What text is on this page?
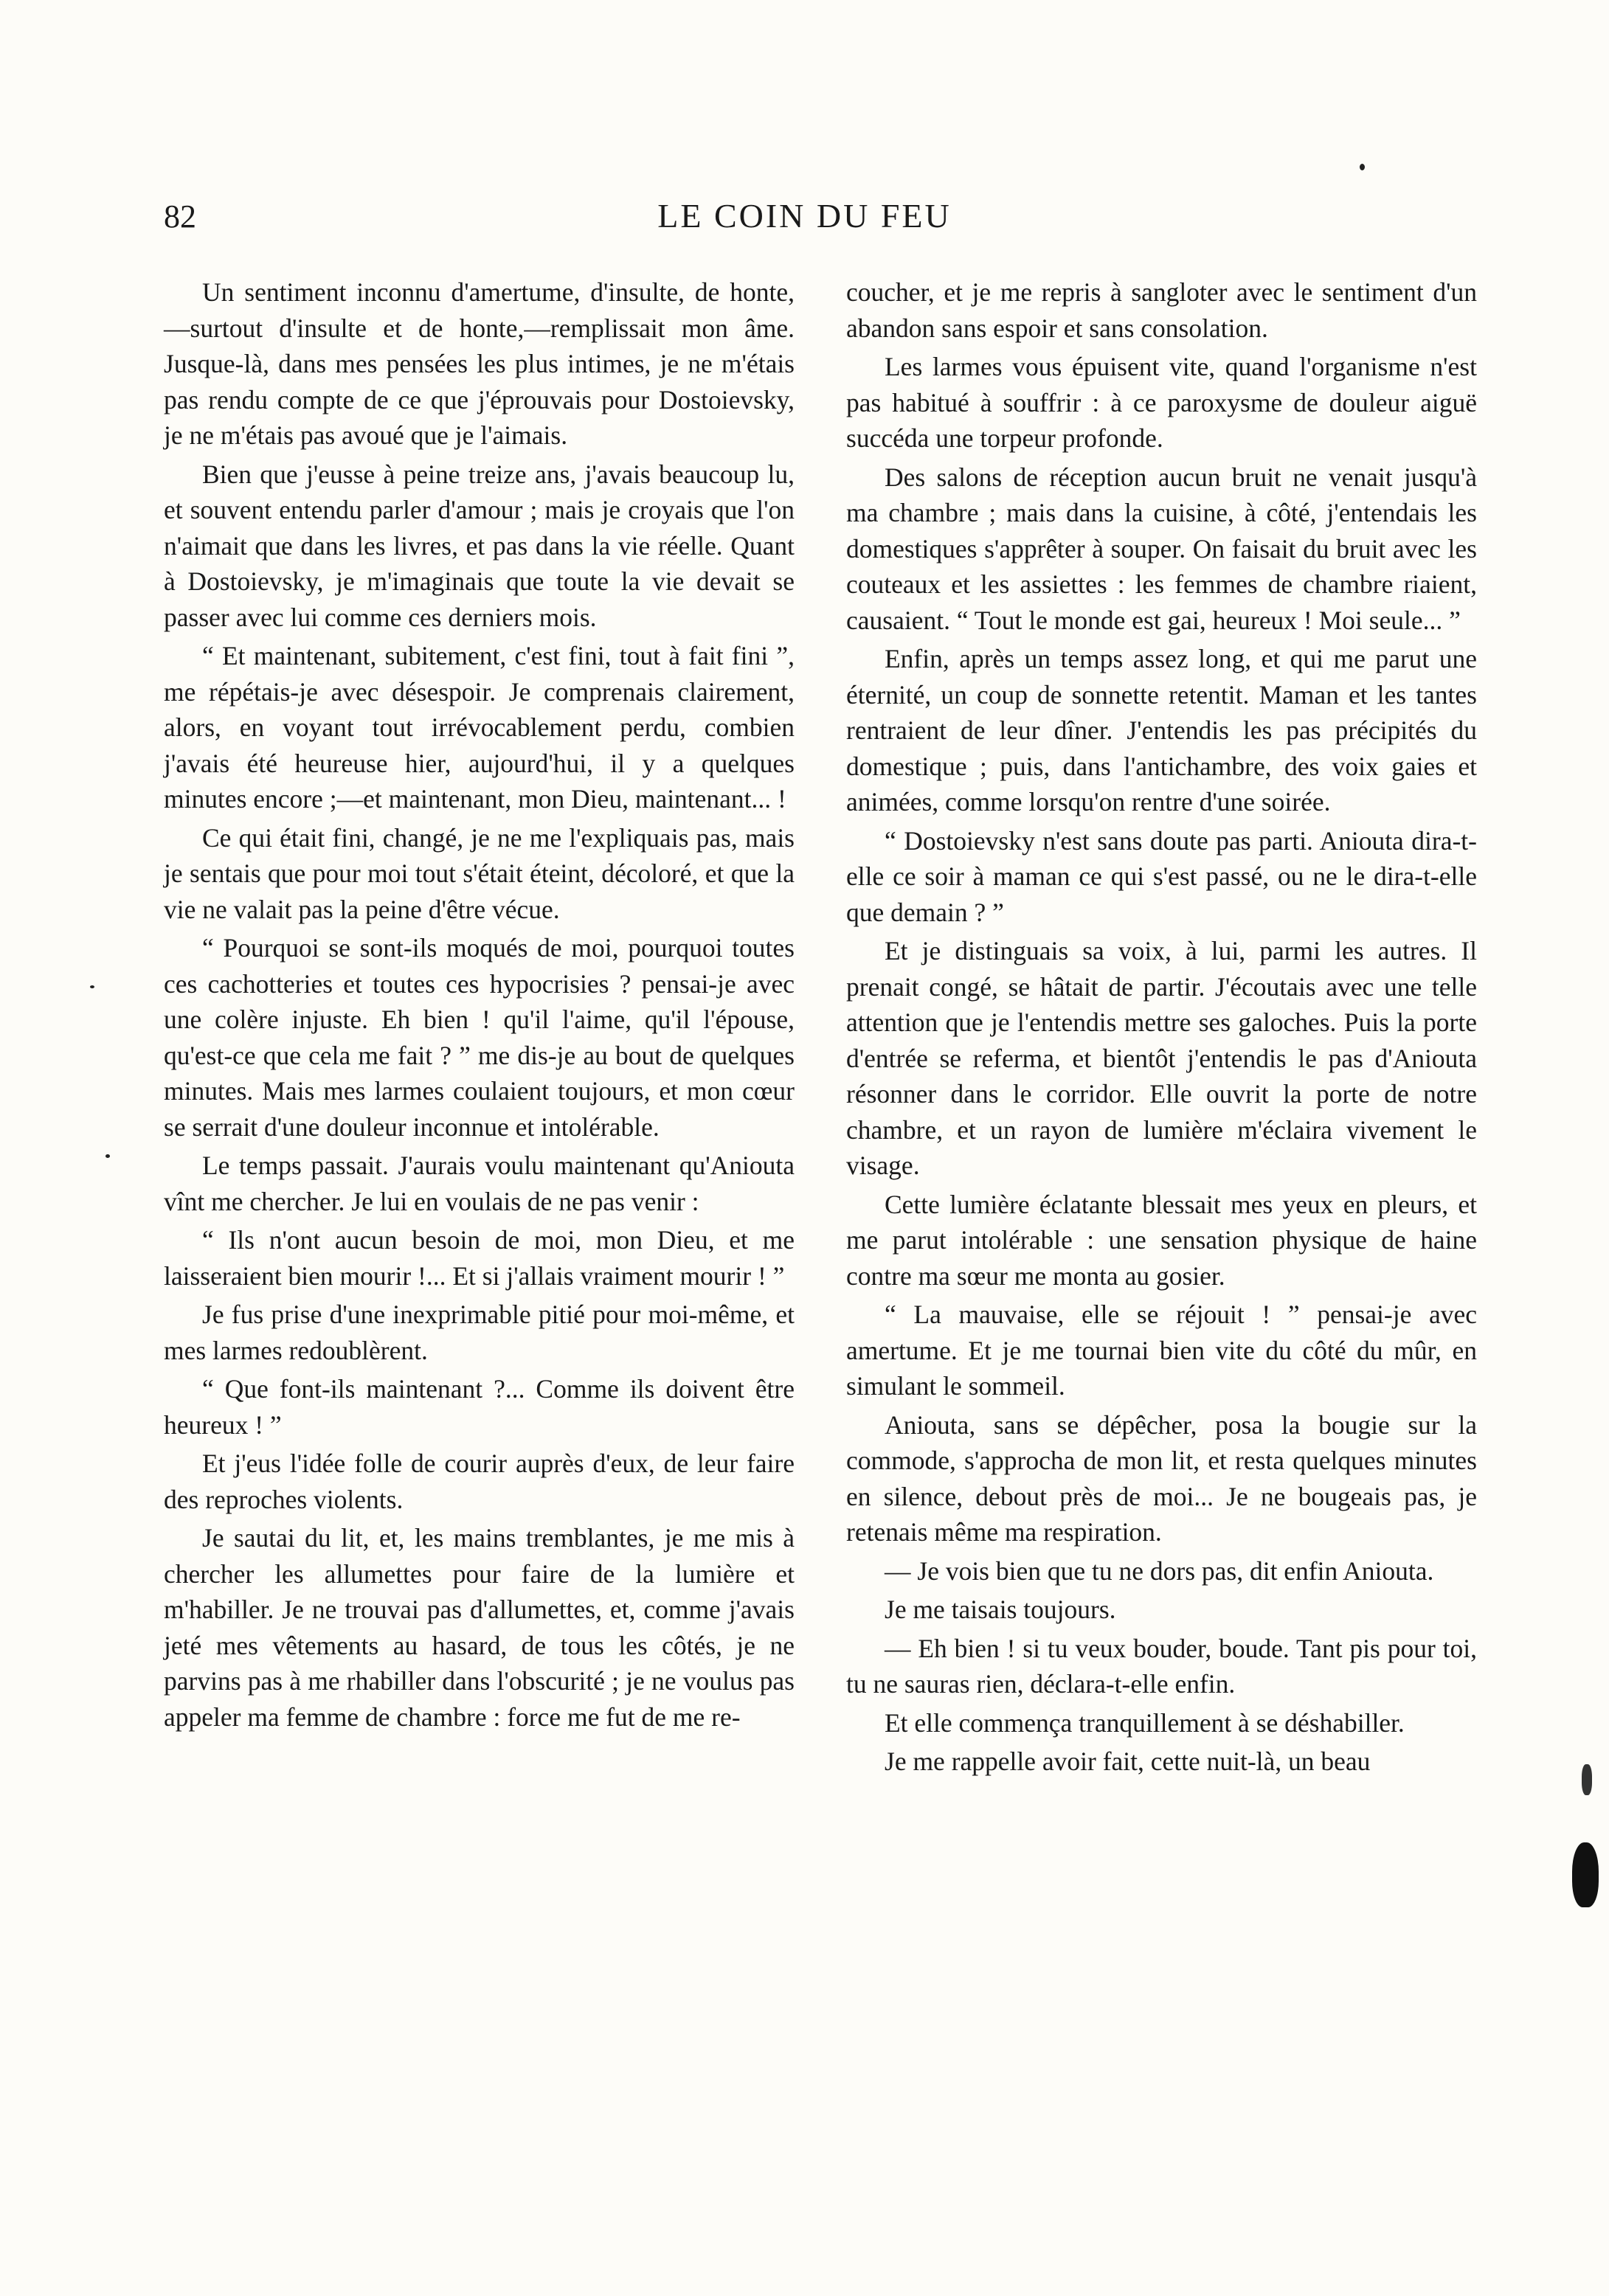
82	LE COIN DU FEU

Un sentiment inconnu d'amertume, d'insulte, de honte,—surtout d'insulte et de honte,—remplissait mon âme. Jusque-là, dans mes pensées les plus intimes, je ne m'étais pas rendu compte de ce que j'éprouvais pour Dostoievsky, je ne m'étais pas avoué que je l'aimais.

Bien que j'eusse à peine treize ans, j'avais beaucoup lu, et souvent entendu parler d'amour ; mais je croyais que l'on n'aimait que dans les livres, et pas dans la vie réelle. Quant à Dostoievsky, je m'imaginais que toute la vie devait se passer avec lui comme ces derniers mois.

“ Et maintenant, subitement, c'est fini, tout à fait fini ”, me répétais-je avec désespoir. Je comprenais clairement, alors, en voyant tout irrévocablement perdu, combien j'avais été heureuse hier, aujourd'hui, il y a quelques minutes encore ;—et maintenant, mon Dieu, maintenant... !

Ce qui était fini, changé, je ne me l'expliquais pas, mais je sentais que pour moi tout s'était éteint, décoloré, et que la vie ne valait pas la peine d'être vécue.

“ Pourquoi se sont-ils moqués de moi, pourquoi toutes ces cachotteries et toutes ces hypocrisies ? pensai-je avec une colère injuste. Eh bien ! qu'il l'aime, qu'il l'épouse, qu'est-ce que cela me fait ? ” me dis-je au bout de quelques minutes. Mais mes larmes coulaient toujours, et mon cœur se serrait d'une douleur inconnue et intolérable.

Le temps passait. J'aurais voulu maintenant qu'Aniouta vînt me chercher. Je lui en voulais de ne pas venir :

“ Ils n'ont aucun besoin de moi, mon Dieu, et me laisseraient bien mourir !... Et si j'allais vraiment mourir ! ”

Je fus prise d'une inexprimable pitié pour moi-même, et mes larmes redoublèrent.

“ Que font-ils maintenant ?... Comme ils doivent être heureux ! ”

Et j'eus l'idée folle de courir auprès d'eux, de leur faire des reproches violents.

Je sautai du lit, et, les mains tremblantes, je me mis à chercher les allumettes pour faire de la lumière et m'habiller. Je ne trouvai pas d'allumettes, et, comme j'avais jeté mes vêtements au hasard, de tous les côtés, je ne parvins pas à me rhabiller dans l'obscurité ; je ne voulus pas appeler ma femme de chambre : force me fut de me re-

coucher, et je me repris à sangloter avec le sentiment d'un abandon sans espoir et sans consolation.

Les larmes vous épuisent vite, quand l'organisme n'est pas habitué à souffrir : à ce paroxysme de douleur aiguë succéda une torpeur profonde.

Des salons de réception aucun bruit ne venait jusqu'à ma chambre ; mais dans la cuisine, à côté, j'entendais les domestiques s'apprêter à souper. On faisait du bruit avec les couteaux et les assiettes : les femmes de chambre riaient, causaient. “ Tout le monde est gai, heureux ! Moi seule... ”

Enfin, après un temps assez long, et qui me parut une éternité, un coup de sonnette retentit. Maman et les tantes rentraient de leur dîner. J'entendis les pas précipités du domestique ; puis, dans l'antichambre, des voix gaies et animées, comme lorsqu'on rentre d'une soirée.

“ Dostoievsky n'est sans doute pas parti. Aniouta dira-t-elle ce soir à maman ce qui s'est passé, ou ne le dira-t-elle que demain ? ”

Et je distinguais sa voix, à lui, parmi les autres. Il prenait congé, se hâtait de partir. J'écoutais avec une telle attention que je l'entendis mettre ses galoches. Puis la porte d'entrée se referma, et bientôt j'entendis le pas d'Aniouta résonner dans le corridor. Elle ouvrit la porte de notre chambre, et un rayon de lumière m'éclaira vivement le visage.

Cette lumière éclatante blessait mes yeux en pleurs, et me parut intolérable : une sensation physique de haine contre ma sœur me monta au gosier.

“ La mauvaise, elle se réjouit ! ” pensai-je avec amertume. Et je me tournai bien vite du côté du mûr, en simulant le sommeil.

Aniouta, sans se dépêcher, posa la bougie sur la commode, s'approcha de mon lit, et resta quelques minutes en silence, debout près de moi... Je ne bougeais pas, je retenais même ma respiration.

— Je vois bien que tu ne dors pas, dit enfin Aniouta.

Je me taisais toujours.

— Eh bien ! si tu veux bouder, boude. Tant pis pour toi, tu ne sauras rien, déclara-t-elle enfin.

Et elle commença tranquillement à se déshabiller.

Je me rappelle avoir fait, cette nuit-là, un beau
